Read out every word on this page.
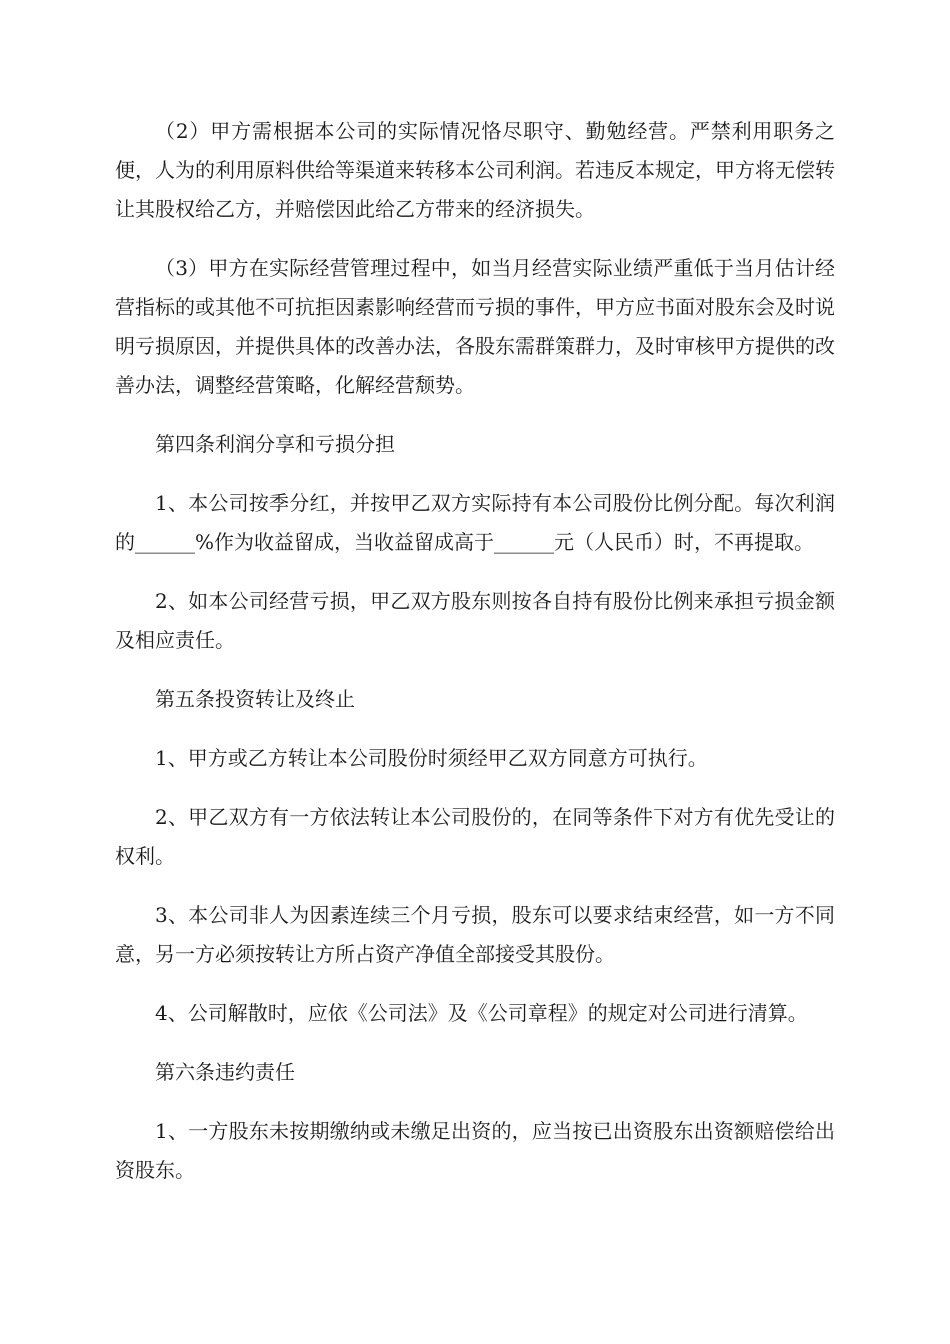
（2）甲方需根据本公司的实际情况恪尽职守、勤勉经营。严禁利用职务之便，人为的利用原料供给等渠道来转移本公司利润。若违反本规定，甲方将无偿转让其股权给乙方，并赔偿因此给乙方带来的经济损失。

（3）甲方在实际经营管理过程中，如当月经营实际业绩严重低于当月估计经营指标的或其他不可抗拒因素影响经营而亏损的事件，甲方应书面对股东会及时说明亏损原因，并提供具体的改善办法，各股东需群策群力，及时审核甲方提供的改善办法，调整经营策略，化解经营颓势。

第四条利润分享和亏损分担

1、本公司按季分红，并按甲乙双方实际持有本公司股份比例分配。每次利润的______%作为收益留成，当收益留成高于______元（人民币）时，不再提取。

2、如本公司经营亏损，甲乙双方股东则按各自持有股份比例来承担亏损金额及相应责任。

第五条投资转让及终止

1、甲方或乙方转让本公司股份时须经甲乙双方同意方可执行。

2、甲乙双方有一方依法转让本公司股份的，在同等条件下对方有优先受让的权利。

3、本公司非人为因素连续三个月亏损，股东可以要求结束经营，如一方不同意，另一方必须按转让方所占资产净值全部接受其股份。

4、公司解散时，应依《公司法》及《公司章程》的规定对公司进行清算。

第六条违约责任

1、一方股东未按期缴纳或未缴足出资的，应当按已出资股东出资额赔偿给出资股东。
